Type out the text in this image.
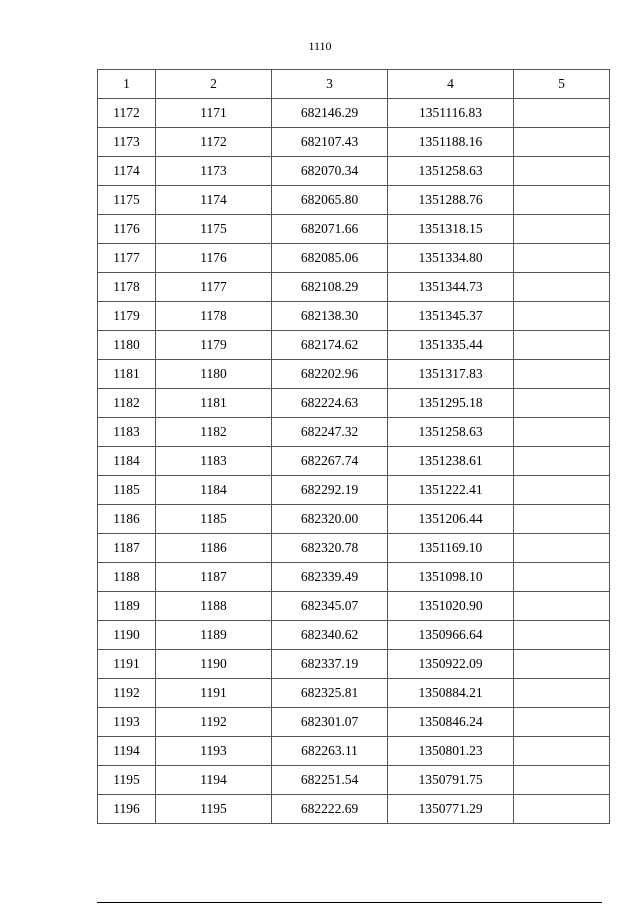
1110
1	2	3	4	5
1172	1171	682146.29	1351116.83	
1173	1172	682107.43	1351188.16	
1174	1173	682070.34	1351258.63	
1175	1174	682065.80	1351288.76	
1176	1175	682071.66	1351318.15	
1177	1176	682085.06	1351334.80	
1178	1177	682108.29	1351344.73	
1179	1178	682138.30	1351345.37	
1180	1179	682174.62	1351335.44	
1181	1180	682202.96	1351317.83	
1182	1181	682224.63	1351295.18	
1183	1182	682247.32	1351258.63	
1184	1183	682267.74	1351238.61	
1185	1184	682292.19	1351222.41	
1186	1185	682320.00	1351206.44	
1187	1186	682320.78	1351169.10	
1188	1187	682339.49	1351098.10	
1189	1188	682345.07	1351020.90	
1190	1189	682340.62	1350966.64	
1191	1190	682337.19	1350922.09	
1192	1191	682325.81	1350884.21	
1193	1192	682301.07	1350846.24	
1194	1193	682263.11	1350801.23	
1195	1194	682251.54	1350791.75	
1196	1195	682222.69	1350771.29	
